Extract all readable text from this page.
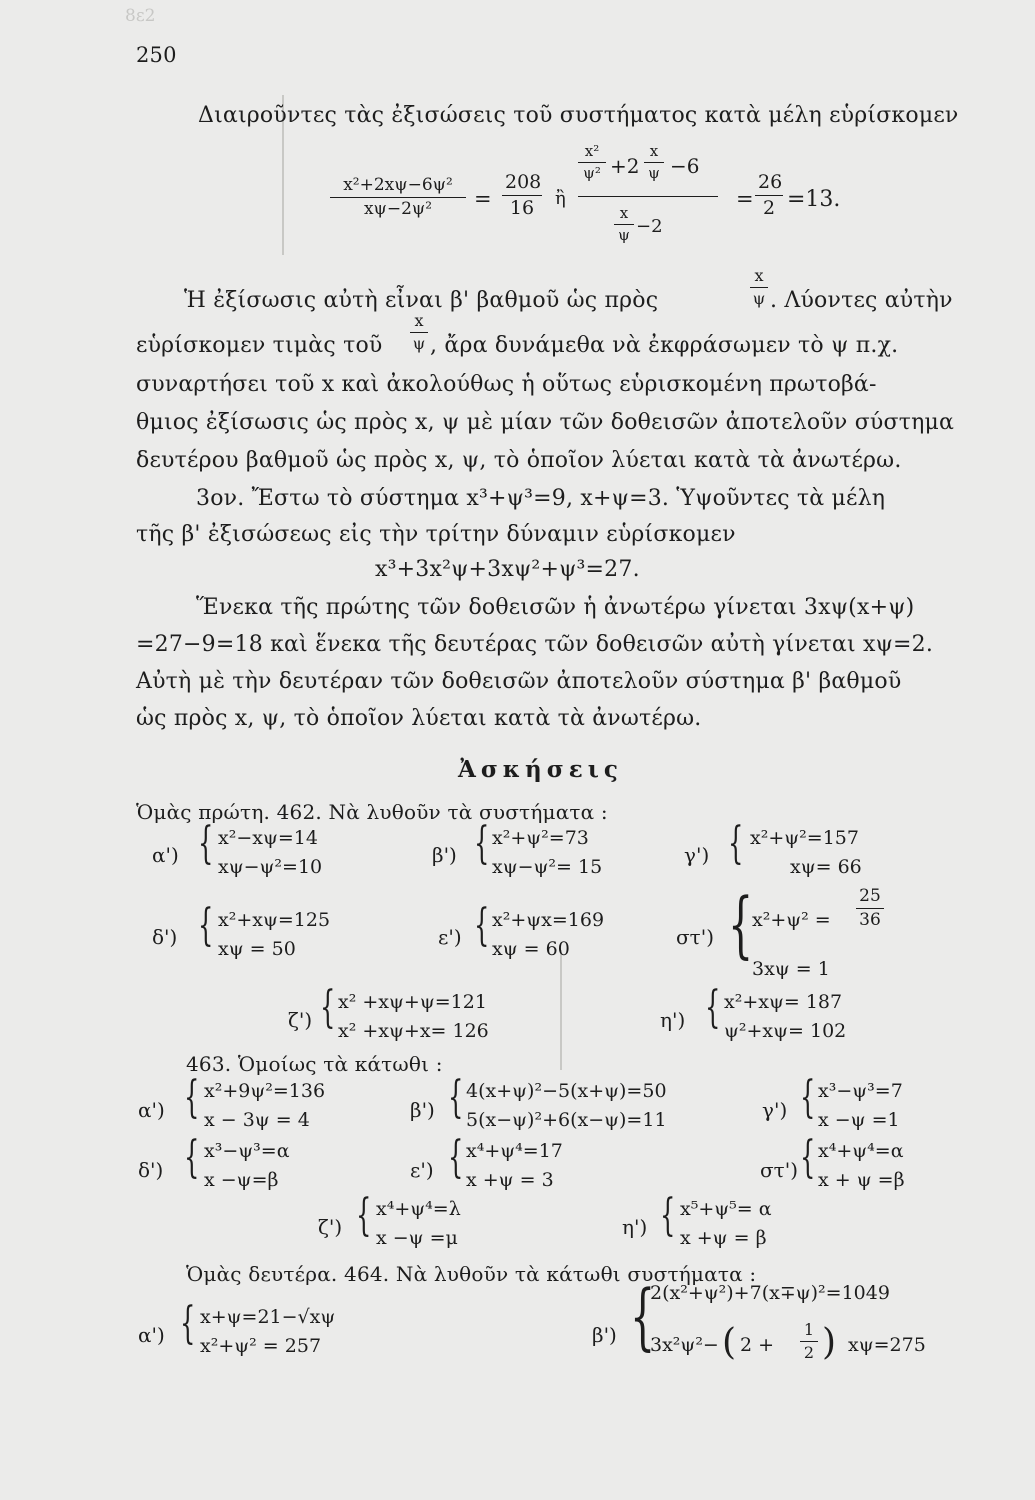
8ε2
250
Διαιροῦντες τὰς ἐξισώσεις τοῦ συστήματος κατὰ μέλη εὑρίσκομεν
$\frac{\text{x²+2xψ−6ψ²}}{\text{xψ−2ψ²}} = \frac{208}{16}$ ἢ
$\frac{\text{x²}}{\text{ψ²}} +2 \frac{x}{\psi} -6$
$\frac{x}{\psi} -2$
= $\frac{26}{2} =13$.
Ἡ ἐξίσωσις αὐτὴ εἶναι β' βαθμοῦ ὡς πρὸς	$\frac{x}{\psi}$ . Λύοντες αὐτὴν
εὑρίσκομεν τιμὰς τοῦ $\frac{x}{\psi}$ , ἄρα δυνάμεθα νὰ ἐκφράσωμεν τὸ ψ π.χ.
συναρτήσει τοῦ x καὶ ἀκολούθως ἡ οὕτως εὑρισκομένη πρωτοβά-
θμιος ἐξίσωσις ὡς πρὸς x, ψ μὲ μίαν τῶν δοθεισῶν ἀποτελοῦν σύστημα
δευτέρου βαθμοῦ ὡς πρὸς x, ψ, τὸ ὁποῖον λύεται κατὰ τὰ ἀνωτέρω.
3ον. Ἔστω τὸ σύστημα x³+ψ³=9, x+ψ=3. Ὑψοῦντες τὰ μέλη
τῆς β' ἐξισώσεως εἰς τὴν τρίτην δύναμιν εὑρίσκομεν
x³+3x²ψ+3xψ²+ψ³=27.
Ἕνεκα τῆς πρώτης τῶν δοθεισῶν ἡ ἀνωτέρω γίνεται 3xψ(x+ψ)
=27−9=18 καὶ ἕνεκα τῆς δευτέρας τῶν δοθεισῶν αὐτὴ γίνεται xψ=2.
Αὐτὴ μὲ τὴν δευτέραν τῶν δοθεισῶν ἀποτελοῦν σύστημα β' βαθμοῦ
ὡς πρὸς x, ψ, τὸ ὁποῖον λύεται κατὰ τὰ ἀνωτέρω.
Ἀσκήσεις
Ὁμὰς πρώτη. 462. Νὰ λυθοῦν τὰ συστήματα :
α') { x²−xψ=14
xψ−ψ²=10	β') { x²+ψ²=73
xψ−ψ²= 15	γ') { x²+ψ²=157
xψ= 66
δ') { x²+xψ=125
xψ = 50	ε') { x²+ψx=169
xψ = 60	στ') {
$x^2+\psi^2 = \frac{25}{36}$
3xψ = 1
ζ') { x² +xψ+ψ=121
x² +xψ+x= 126	η') { x²+xψ= 187
ψ²+xψ= 102
463. Ὁμοίως τὰ κάτωθι :
α') { x²+9ψ²=136
x − 3ψ = 4	β') { 4(x+ψ)²−5(x+ψ)=50
5(x−ψ)²+6(x−ψ)=11	γ') { x³−ψ³=7
x −ψ =1
δ') { x³−ψ³=α
x −ψ=β	ε') { x⁴+ψ⁴=17
x +ψ = 3	στ') { x⁴+ψ⁴=α
x + ψ =β
ζ') { x⁴+ψ⁴=λ
x −ψ =μ	η') { x⁵+ψ⁵= α
x +ψ = β
Ὁμὰς δευτέρα. 464. Νὰ λυθοῦν τὰ κάτωθι συστήματα :
α') { x+ψ=21−√xψ
x²+ψ² = 257	β') {
2(x²+ψ²)+7(x∓ψ)²=1049
3x²ψ²− ( $2 + \frac{1}{2}$ ) xψ=275
